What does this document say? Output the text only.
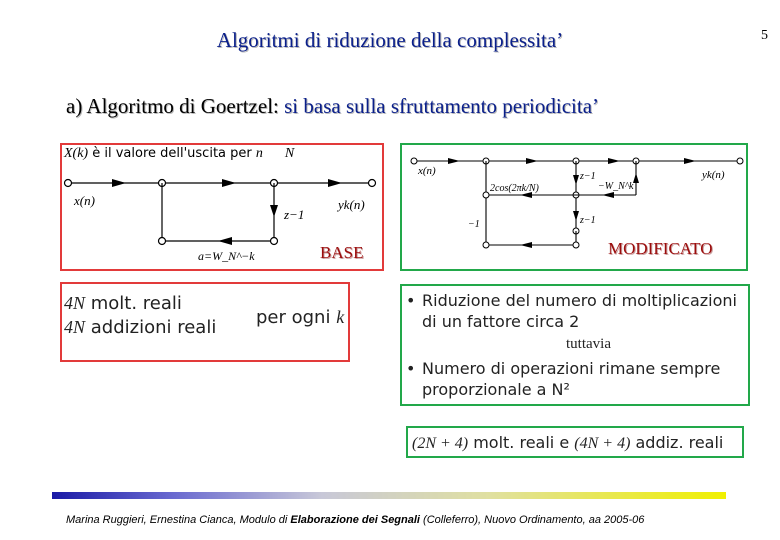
Algoritmi di riduzione della complessita’	5
a) Algoritmo di Goertzel: si basa sulla sfruttamento periodicita’
X(k) è il valore dell'uscita per n N
x(n)	yk(n)
z−1
a=W_N^−k	BASE
x(n)	yk(n)
2cos(2πk/N)	−W_N^k
z−1
z−1
−1
MODIFICATO
4N molt. reali
4N addizioni reali per ogni k
• Riduzione del numero di moltiplicazioni di un fattore circa 2
tuttavia
• Numero di operazioni rimane sempre proporzionale a N²
(2N + 4) molt. reali e (4N + 4) addiz. reali
Marina Ruggieri, Ernestina Cianca, Modulo di Elaborazione dei Segnali (Colleferro), Nuovo Ordinamento, aa 2005-06
